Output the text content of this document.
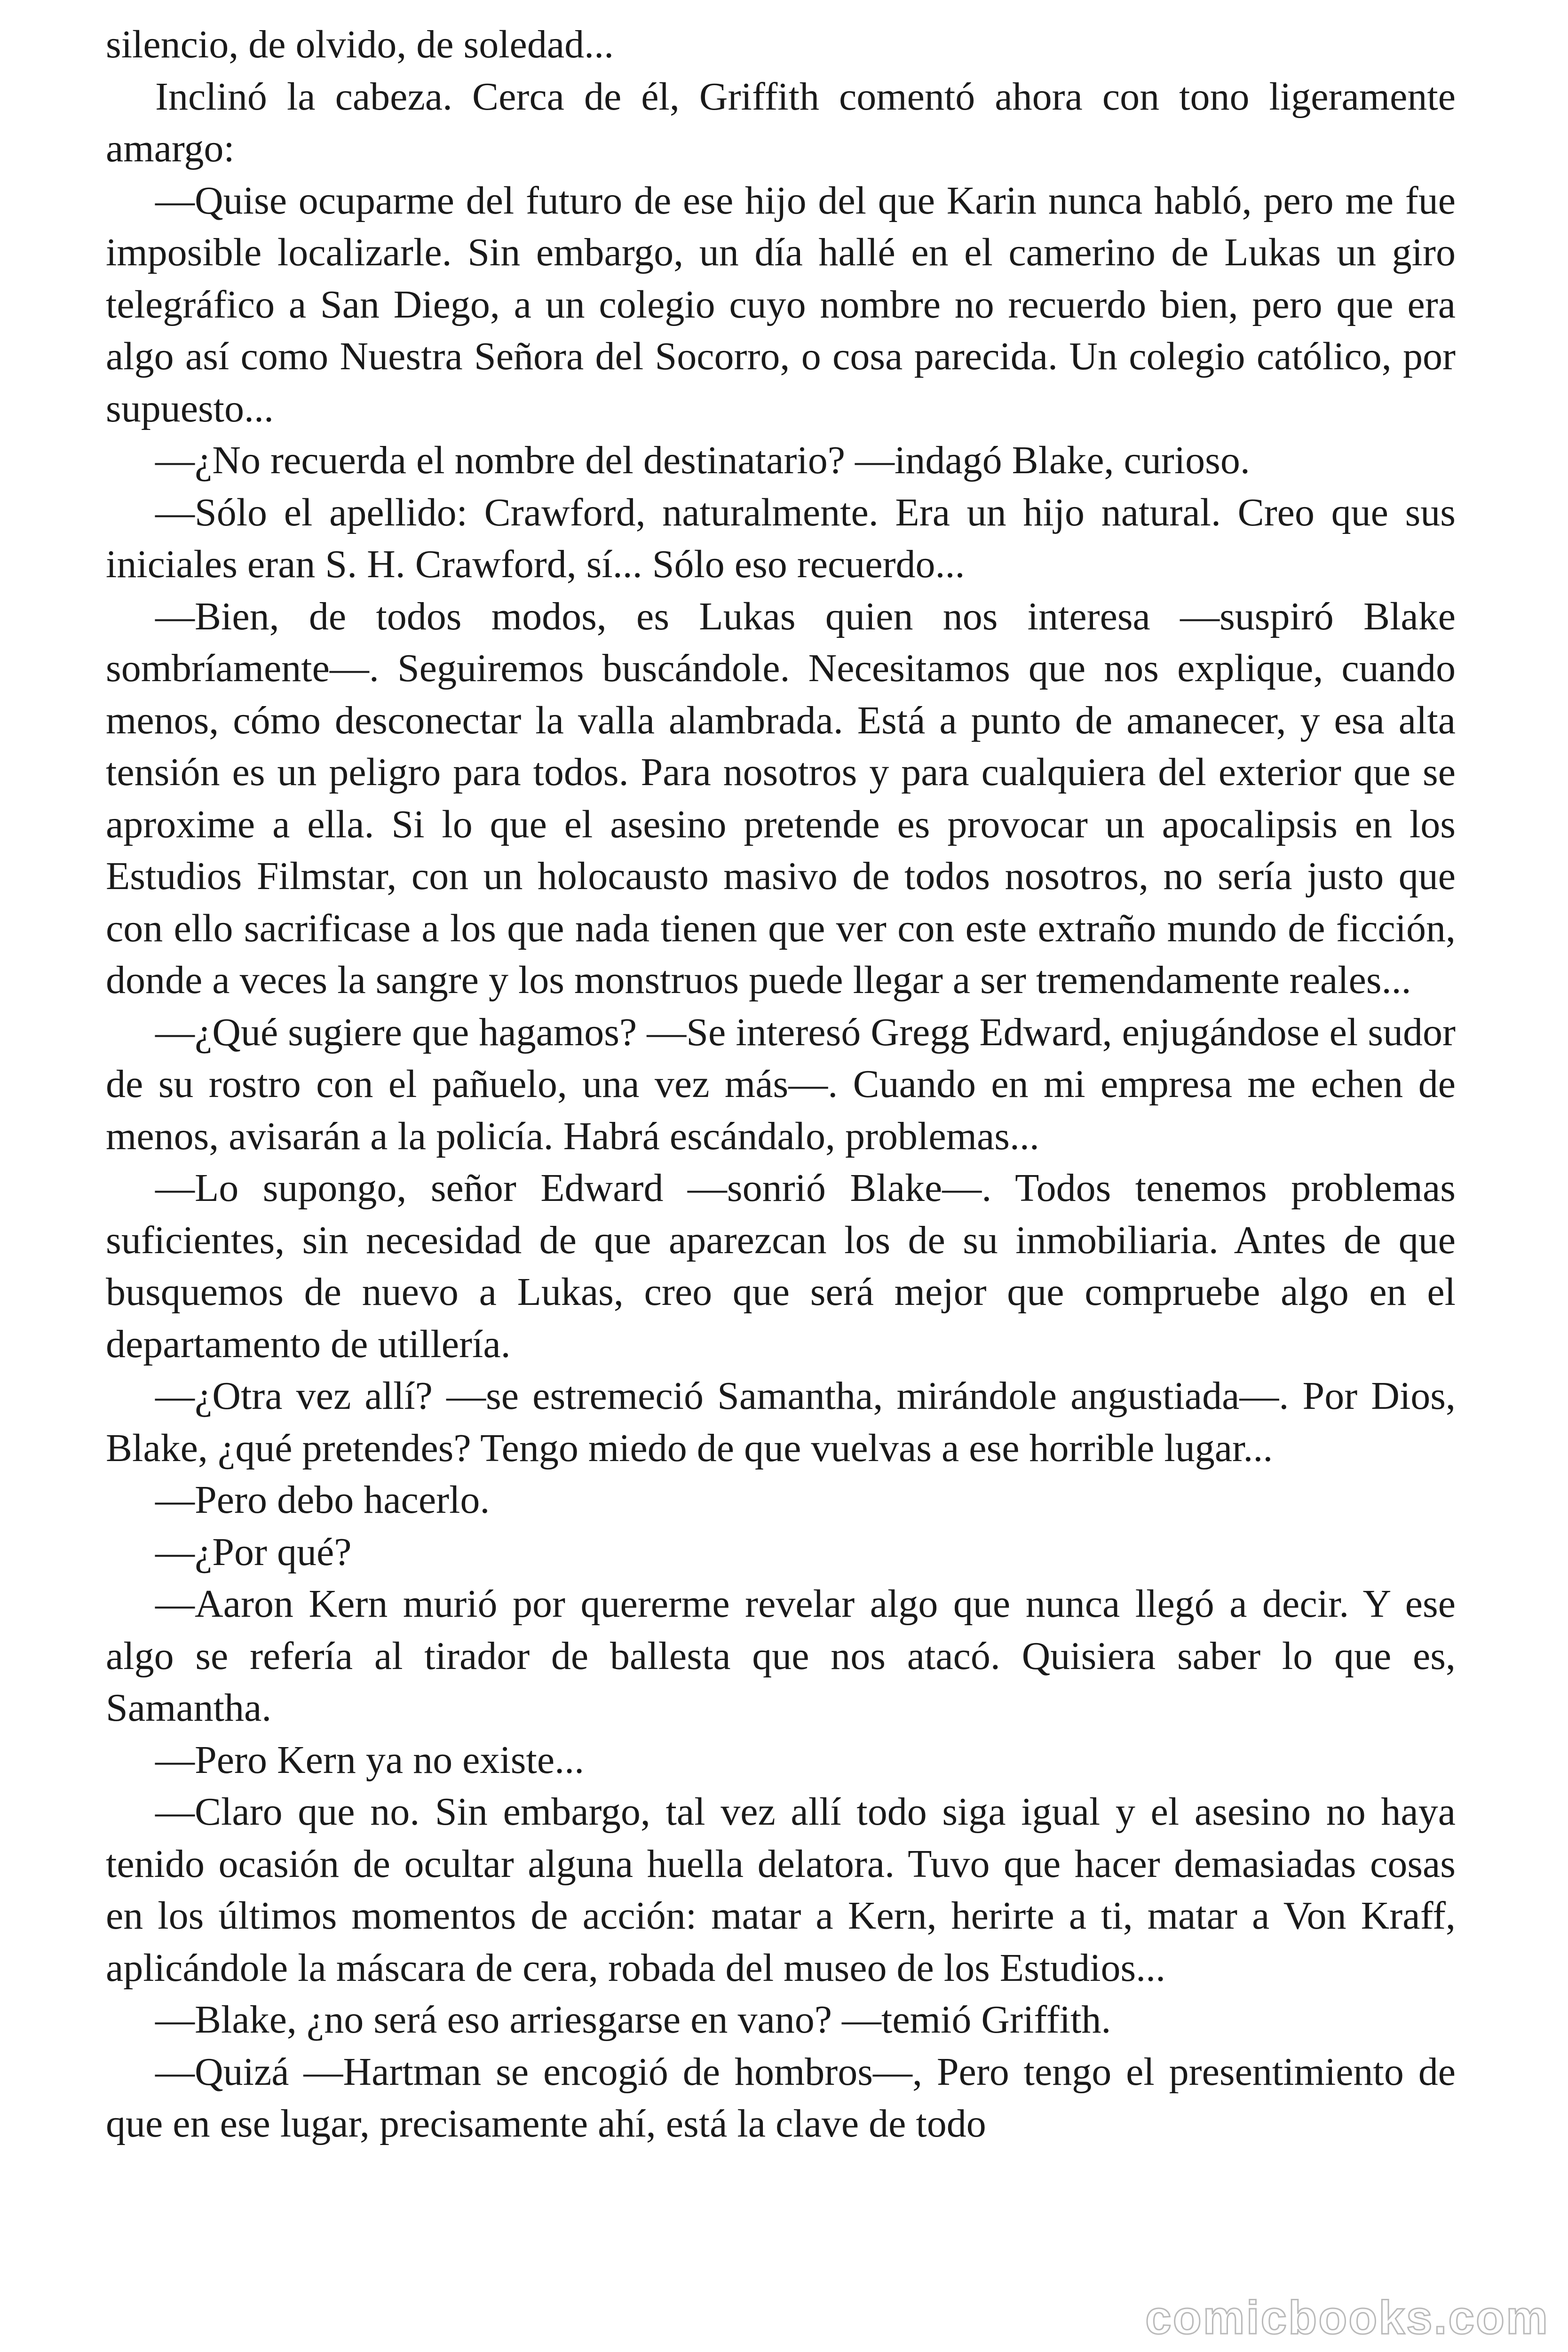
silencio, de olvido, de soledad...

Inclinó la cabeza. Cerca de él, Griffith comentó ahora con tono ligeramente amargo:

—Quise ocuparme del futuro de ese hijo del que Karin nunca habló, pero me fue imposible localizarle. Sin embargo, un día hallé en el camerino de Lukas un giro telegráfico a San Diego, a un colegio cuyo nombre no recuerdo bien, pero que era algo así como Nuestra Señora del Socorro, o cosa parecida. Un colegio católico, por supuesto...

—¿No recuerda el nombre del destinatario? —indagó Blake, curioso.

—Sólo el apellido: Crawford, naturalmente. Era un hijo natural. Creo que sus iniciales eran S. H. Crawford, sí... Sólo eso recuerdo...

—Bien, de todos modos, es Lukas quien nos interesa —suspiró Blake sombríamente—. Seguiremos buscándole. Necesitamos que nos explique, cuando menos, cómo desconectar la valla alambrada. Está a punto de amanecer, y esa alta tensión es un peligro para todos. Para nosotros y para cualquiera del exterior que se aproxime a ella. Si lo que el asesino pretende es provocar un apocalipsis en los Estudios Filmstar, con un holocausto masivo de todos nosotros, no sería justo que con ello sacrificase a los que nada tienen que ver con este extraño mundo de ficción, donde a veces la sangre y los monstruos puede llegar a ser tremendamente reales...

—¿Qué sugiere que hagamos? —Se interesó Gregg Edward, enjugándose el sudor de su rostro con el pañuelo, una vez más—. Cuando en mi empresa me echen de menos, avisarán a la policía. Habrá escándalo, problemas...

—Lo supongo, señor Edward —sonrió Blake—. Todos tenemos problemas suficientes, sin necesidad de que aparezcan los de su inmobiliaria. Antes de que busquemos de nuevo a Lukas, creo que será mejor que compruebe algo en el departamento de utillería.

—¿Otra vez allí? —se estremeció Samantha, mirándole angustiada—. Por Dios, Blake, ¿qué pretendes? Tengo miedo de que vuelvas a ese horrible lugar...

—Pero debo hacerlo.

—¿Por qué?

—Aaron Kern murió por quererme revelar algo que nunca llegó a decir. Y ese algo se refería al tirador de ballesta que nos atacó. Quisiera saber lo que es, Samantha.

—Pero Kern ya no existe...

—Claro que no. Sin embargo, tal vez allí todo siga igual y el asesino no haya tenido ocasión de ocultar alguna huella delatora. Tuvo que hacer demasiadas cosas en los últimos momentos de acción: matar a Kern, herirte a ti, matar a Von Kraff, aplicándole la máscara de cera, robada del museo de los Estudios...

—Blake, ¿no será eso arriesgarse en vano? —temió Griffith.

—Quizá —Hartman se encogió de hombros—, Pero tengo el presentimiento de que en ese lugar, precisamente ahí, está la clave de todo

comicbooks.com
